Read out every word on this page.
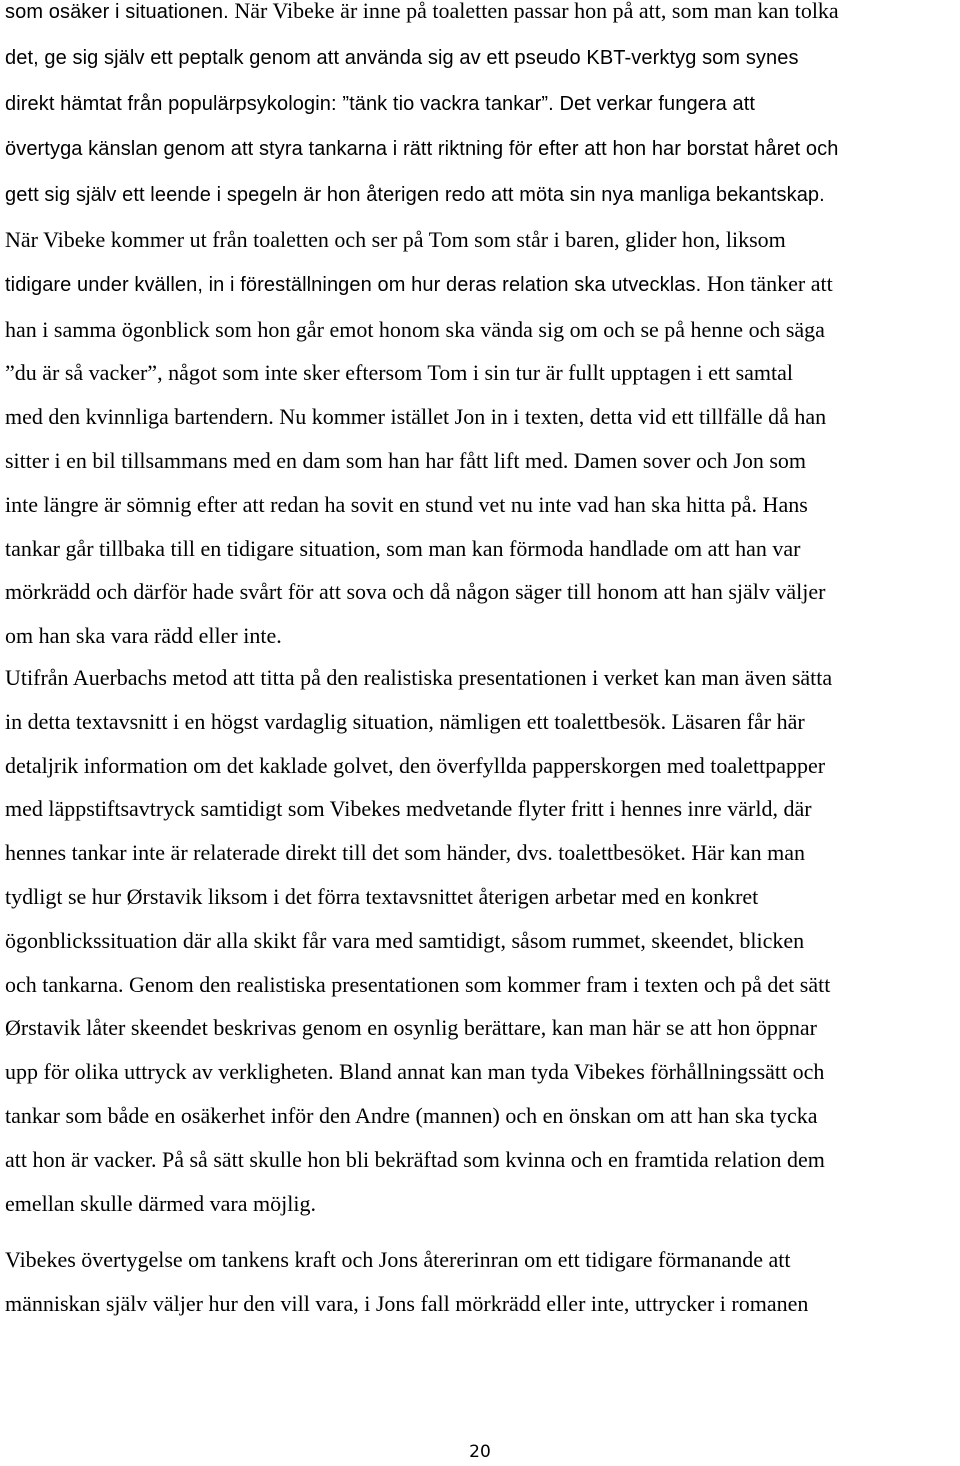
som osäker i situationen. När Vibeke är inne på toaletten passar hon på att, som man kan tolka
det, ge sig själv ett peptalk genom att använda sig av ett pseudo KBT-verktyg som synes
direkt hämtat från populärpsykologin: ”tänk tio vackra tankar”. Det verkar fungera att
övertyga känslan genom att styra tankarna i rätt riktning för efter att hon har borstat håret och
gett sig själv ett leende i spegeln är hon återigen redo att möta sin nya manliga bekantskap.
När Vibeke kommer ut från toaletten och ser på Tom som står i baren, glider hon, liksom
tidigare under kvällen, in i föreställningen om hur deras relation ska utvecklas. Hon tänker att
han i samma ögonblick som hon går emot honom ska vända sig om och se på henne och säga
”du är så vacker”, något som inte sker eftersom Tom i sin tur är fullt upptagen i ett samtal
med den kvinnliga bartendern. Nu kommer istället Jon in i texten, detta vid ett tillfälle då han
sitter i en bil tillsammans med en dam som han har fått lift med. Damen sover och Jon som
inte längre är sömnig efter att redan ha sovit en stund vet nu inte vad han ska hitta på. Hans
tankar går tillbaka till en tidigare situation, som man kan förmoda handlade om att han var
mörkrädd och därför hade svårt för att sova och då någon säger till honom att han själv väljer
om han ska vara rädd eller inte.
Utifrån Auerbachs metod att titta på den realistiska presentationen i verket kan man även sätta
in detta textavsnitt i en högst vardaglig situation, nämligen ett toalettbesök. Läsaren får här
detaljrik information om det kaklade golvet, den överfyllda papperskorgen med toalettpapper
med läppstiftsavtryck samtidigt som Vibekes medvetande flyter fritt i hennes inre värld, där
hennes tankar inte är relaterade direkt till det som händer, dvs. toalettbesöket. Här kan man
tydligt se hur Ørstavik liksom i det förra textavsnittet återigen arbetar med en konkret
ögonblickssituation där alla skikt får vara med samtidigt, såsom rummet, skeendet, blicken
och tankarna. Genom den realistiska presentationen som kommer fram i texten och på det sätt
Ørstavik låter skeendet beskrivas genom en osynlig berättare, kan man här se att hon öppnar
upp för olika uttryck av verkligheten. Bland annat kan man tyda Vibekes förhållningssätt och
tankar som både en osäkerhet inför den Andre (mannen) och en önskan om att han ska tycka
att hon är vacker. På så sätt skulle hon bli bekräftad som kvinna och en framtida relation dem
emellan skulle därmed vara möjlig.
Vibekes övertygelse om tankens kraft och Jons återerinran om ett tidigare förmanande att
människan själv väljer hur den vill vara, i Jons fall mörkrädd eller inte, uttrycker i romanen
20
